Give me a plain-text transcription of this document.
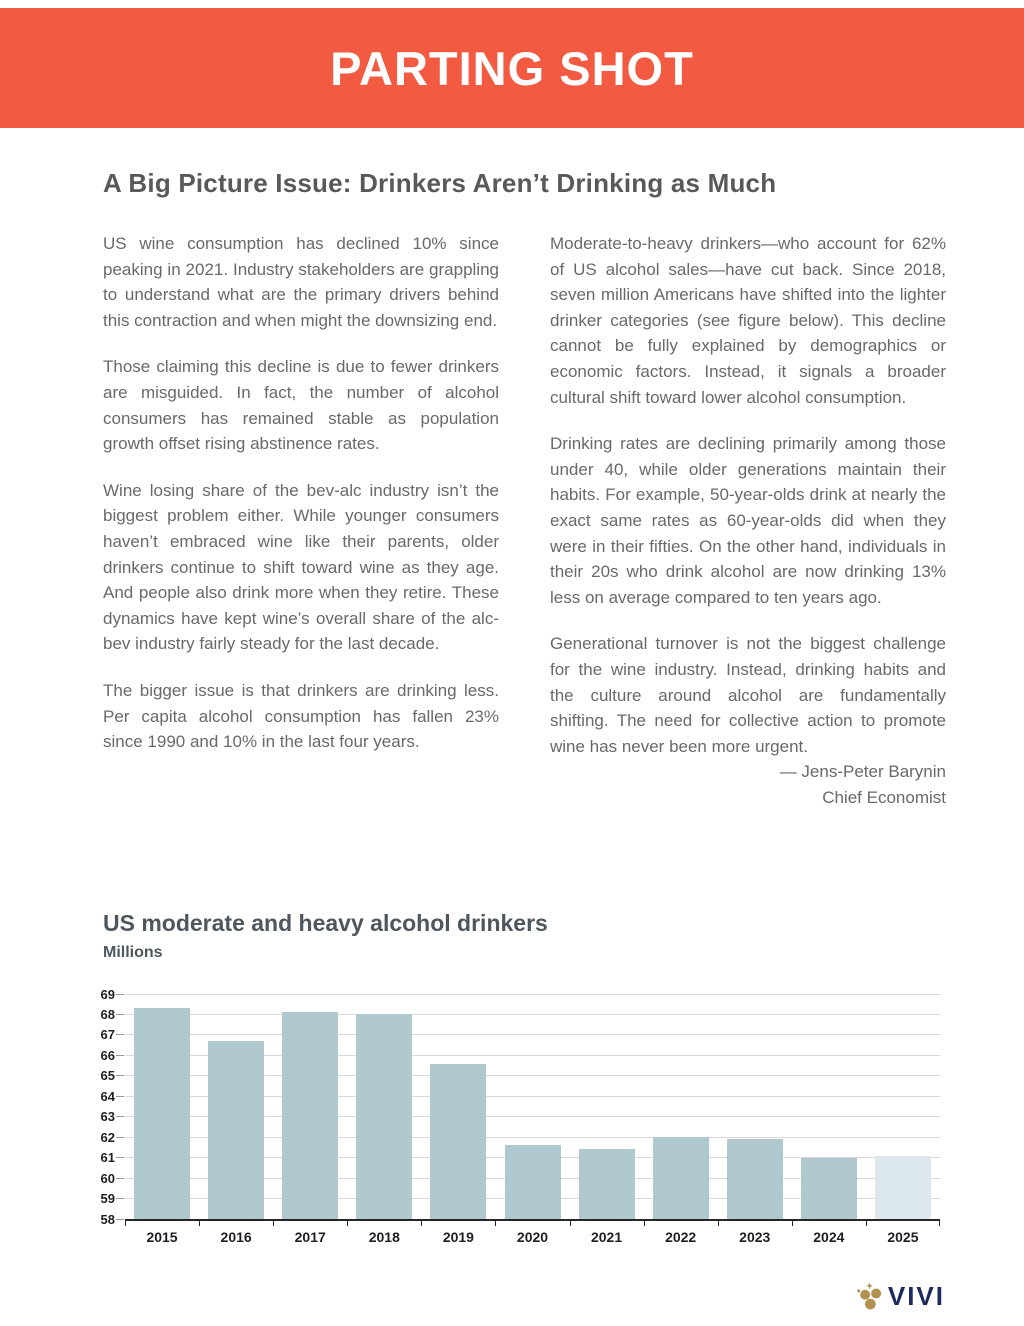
PARTING SHOT
A Big Picture Issue: Drinkers Aren’t Drinking as Much

US wine consumption has declined 10% since peaking in 2021. Industry stakeholders are grappling to understand what are the primary drivers behind this contraction and when might the downsizing end.

Those claiming this decline is due to fewer drinkers are misguided. In fact, the number of alcohol consumers has remained stable as population growth offset rising abstinence rates.

Wine losing share of the bev-alc industry isn’t the biggest problem either. While younger consumers haven’t embraced wine like their parents, older drinkers continue to shift toward wine as they age. And people also drink more when they retire. These dynamics have kept wine’s overall share of the alc-bev industry fairly steady for the last decade.

The bigger issue is that drinkers are drinking less. Per capita alcohol consumption has fallen 23% since 1990 and 10% in the last four years.

Moderate-to-heavy drinkers—who account for 62% of US alcohol sales—have cut back. Since 2018, seven million Americans have shifted into the lighter drinker categories (see figure below). This decline cannot be fully explained by demographics or economic factors. Instead, it signals a broader cultural shift toward lower alcohol consumption.

Drinking rates are declining primarily among those under 40, while older generations maintain their habits. For example, 50-year-olds drink at nearly the exact same rates as 60-year-olds did when they were in their fifties. On the other hand, individuals in their 20s who drink alcohol are now drinking 13% less on average compared to ten years ago.

Generational turnover is not the biggest challenge for the wine industry. Instead, drinking habits and the culture around alcohol are fundamentally shifting. The need for collective action to promote wine has never been more urgent.

— Jens-Peter Barynin
Chief Economist
US moderate and heavy alcohol drinkers
Millions
58
59
60
61
62
63
64
65
66
67
68
69
2015	2016	2017	2018	2019	2020	2021	2022	2023	2024	2025
VIVI
